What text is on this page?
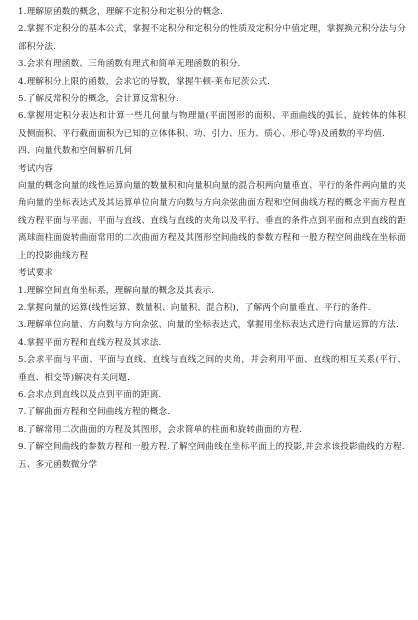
1.理解原函数的概念，理解不定积分和定积分的概念.

2.掌握不定积分的基本公式，掌握不定积分和定积分的性质及定积分中值定理，掌握换元积分法与分部积分法.

3.会求有理函数、三角函数有理式和简单无理函数的积分.

4.理解积分上限的函数，会求它的导数，掌握牛顿-莱布尼茨公式.

5.了解反常积分的概念，会计算反常积分.

6.掌握用定积分表达和计算一些几何量与物理量(平面图形的面积、平面曲线的弧长、旋转体的体积及侧面积、平行截面面积为已知的立体体积、功、引力、压力、质心、形心等)及函数的平均值.

四、向量代数和空间解析几何

考试内容

向量的概念向量的线性运算向量的数量积和向量积向量的混合积两向量垂直、平行的条件两向量的夹角向量的坐标表达式及其运算单位向量方向数与方向余弦曲面方程和空间曲线方程的概念平面方程直线方程平面与平面、平面与直线、直线与直线的夹角以及平行、垂直的条件点到平面和点到直线的距离球面柱面旋转曲面常用的二次曲面方程及其图形空间曲线的参数方程和一般方程空间曲线在坐标面上的投影曲线方程

考试要求

1.理解空间直角坐标系，理解向量的概念及其表示.

2.掌握向量的运算(线性运算、数量积、向量积、混合积)，了解两个向量垂直、平行的条件.

3.理解单位向量、方向数与方向余弦、向量的坐标表达式，掌握用坐标表达式进行向量运算的方法.

4.掌握平面方程和直线方程及其求法.

5.会求平面与平面、平面与直线、直线与直线之间的夹角，并会利用平面、直线的相互关系(平行、垂直、相交等)解决有关问题.

6.会求点到直线以及点到平面的距离.

7.了解曲面方程和空间曲线方程的概念.

8.了解常用二次曲面的方程及其图形，会求简单的柱面和旋转曲面的方程.

9.了解空间曲线的参数方程和一般方程.了解空间曲线在坐标平面上的投影,并会求该投影曲线的方程.

五、多元函数微分学
